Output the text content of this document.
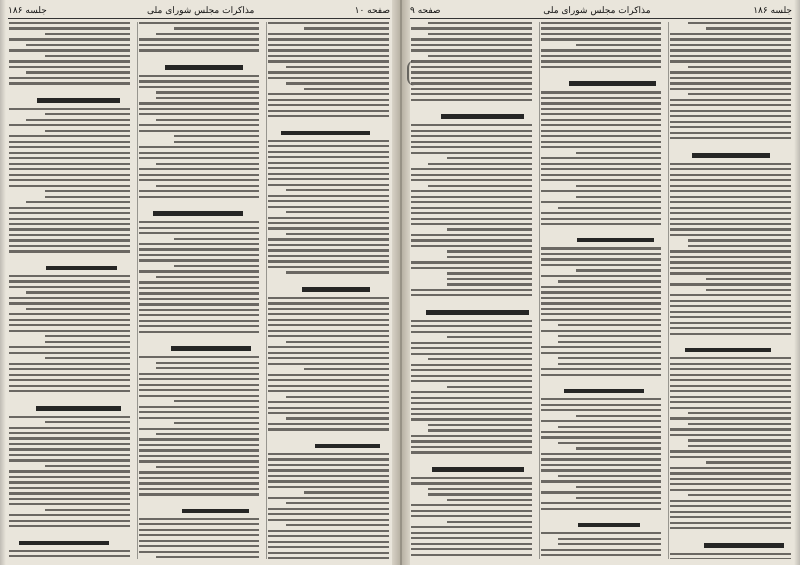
صفحه ۱۰
مذاکرات مجلس شورای ملی
جلسه ۱۸۶	جلسه ۱۸۶
مذاکرات مجلس شورای ملی
صفحه ۹
